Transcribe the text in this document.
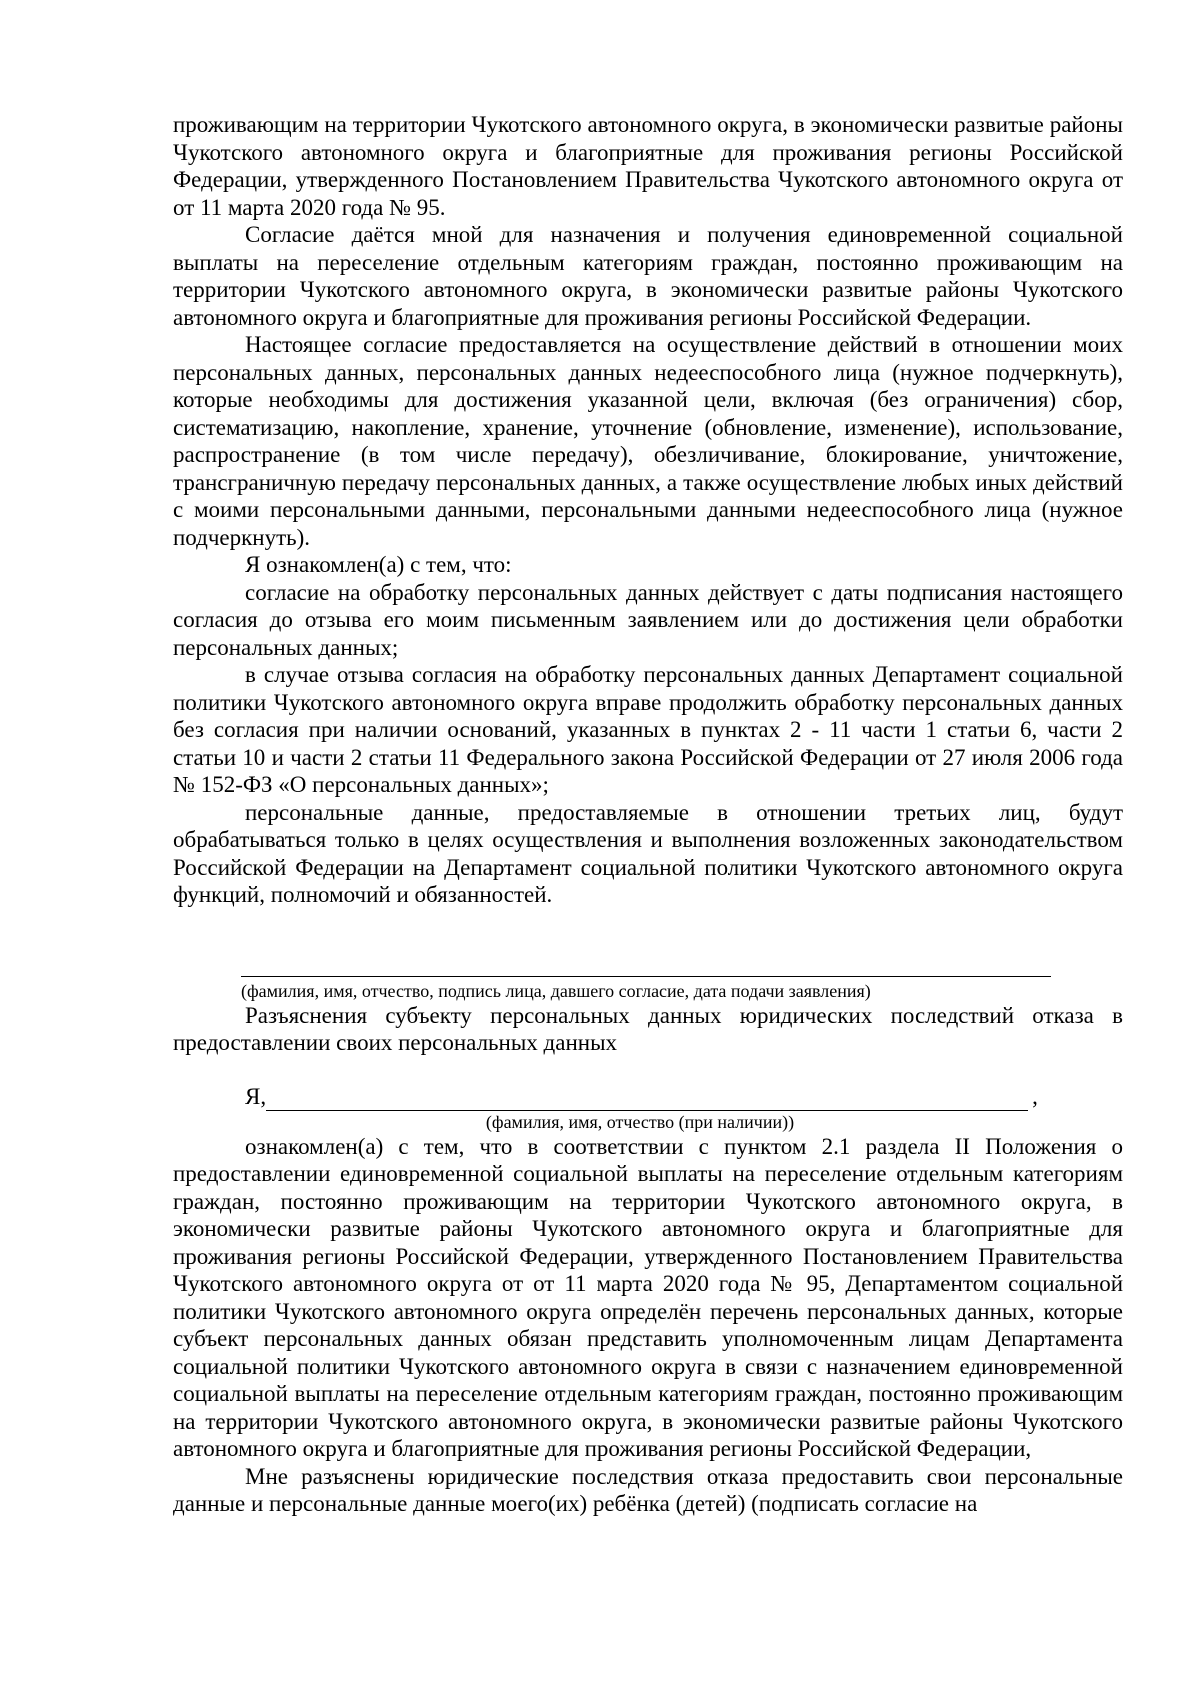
проживающим на территории Чукотского автономного округа, в экономически развитые районы Чукотского автономного округа и благоприятные для проживания регионы Российской Федерации, утвержденного Постановлением Правительства Чукотского автономного округа от от 11 марта 2020 года № 95.

Согласие даётся мной для назначения и получения единовременной социальной выплаты на переселение отдельным категориям граждан, постоянно проживающим на территории Чукотского автономного округа, в экономически развитые районы Чукотского автономного округа и благоприятные для проживания регионы Российской Федерации.

Настоящее согласие предоставляется на осуществление действий в отношении моих персональных данных, персональных данных недееспособного лица (нужное подчеркнуть), которые необходимы для достижения указанной цели, включая (без ограничения) сбор, систематизацию, накопление, хранение, уточнение (обновление, изменение), использование, распространение (в том числе передачу), обезличивание, блокирование, уничтожение, трансграничную передачу персональных данных, а также осуществление любых иных действий с моими персональными данными, персональными данными недееспособного лица (нужное подчеркнуть).

Я ознакомлен(а) с тем, что:

согласие на обработку персональных данных действует с даты подписания настоящего согласия до отзыва его моим письменным заявлением или до достижения цели обработки персональных данных;

в случае отзыва согласия на обработку персональных данных Департамент социальной политики Чукотского автономного округа вправе продолжить обработку персональных данных без согласия при наличии оснований, указанных в пунктах 2 - 11 части 1 статьи 6, части 2 статьи 10 и части 2 статьи 11 Федерального закона Российской Федерации от 27 июля 2006 года № 152-ФЗ «О персональных данных»;

персональные данные, предоставляемые в отношении третьих лиц, будут обрабатываться только в целях осуществления и выполнения возложенных законодательством Российской Федерации на Департамент социальной политики Чукотского автономного округа функций, полномочий и обязанностей.

(фамилия, имя, отчество, подпись лица, давшего согласие, дата подачи заявления)

Разъяснения субъекту персональных данных юридических последствий отказа в предоставлении своих персональных данных

Я,	,
(фамилия, имя, отчество (при наличии))

ознакомлен(а) с тем, что в соответствии с пунктом 2.1 раздела II Положения о предоставлении единовременной социальной выплаты на переселение отдельным категориям граждан, постоянно проживающим на территории Чукотского автономного округа, в экономически развитые районы Чукотского автономного округа и благоприятные для проживания регионы Российской Федерации, утвержденного Постановлением Правительства Чукотского автономного округа от от 11 марта 2020 года № 95, Департаментом социальной политики Чукотского автономного округа определён перечень персональных данных, которые субъект персональных данных обязан представить уполномоченным лицам Департамента социальной политики Чукотского автономного округа в связи с назначением единовременной социальной выплаты на переселение отдельным категориям граждан, постоянно проживающим на территории Чукотского автономного округа, в экономически развитые районы Чукотского автономного округа и благоприятные для проживания регионы Российской Федерации,

Мне разъяснены юридические последствия отказа предоставить свои персональные данные и персональные данные моего(их) ребёнка (детей) (подписать согласие на
